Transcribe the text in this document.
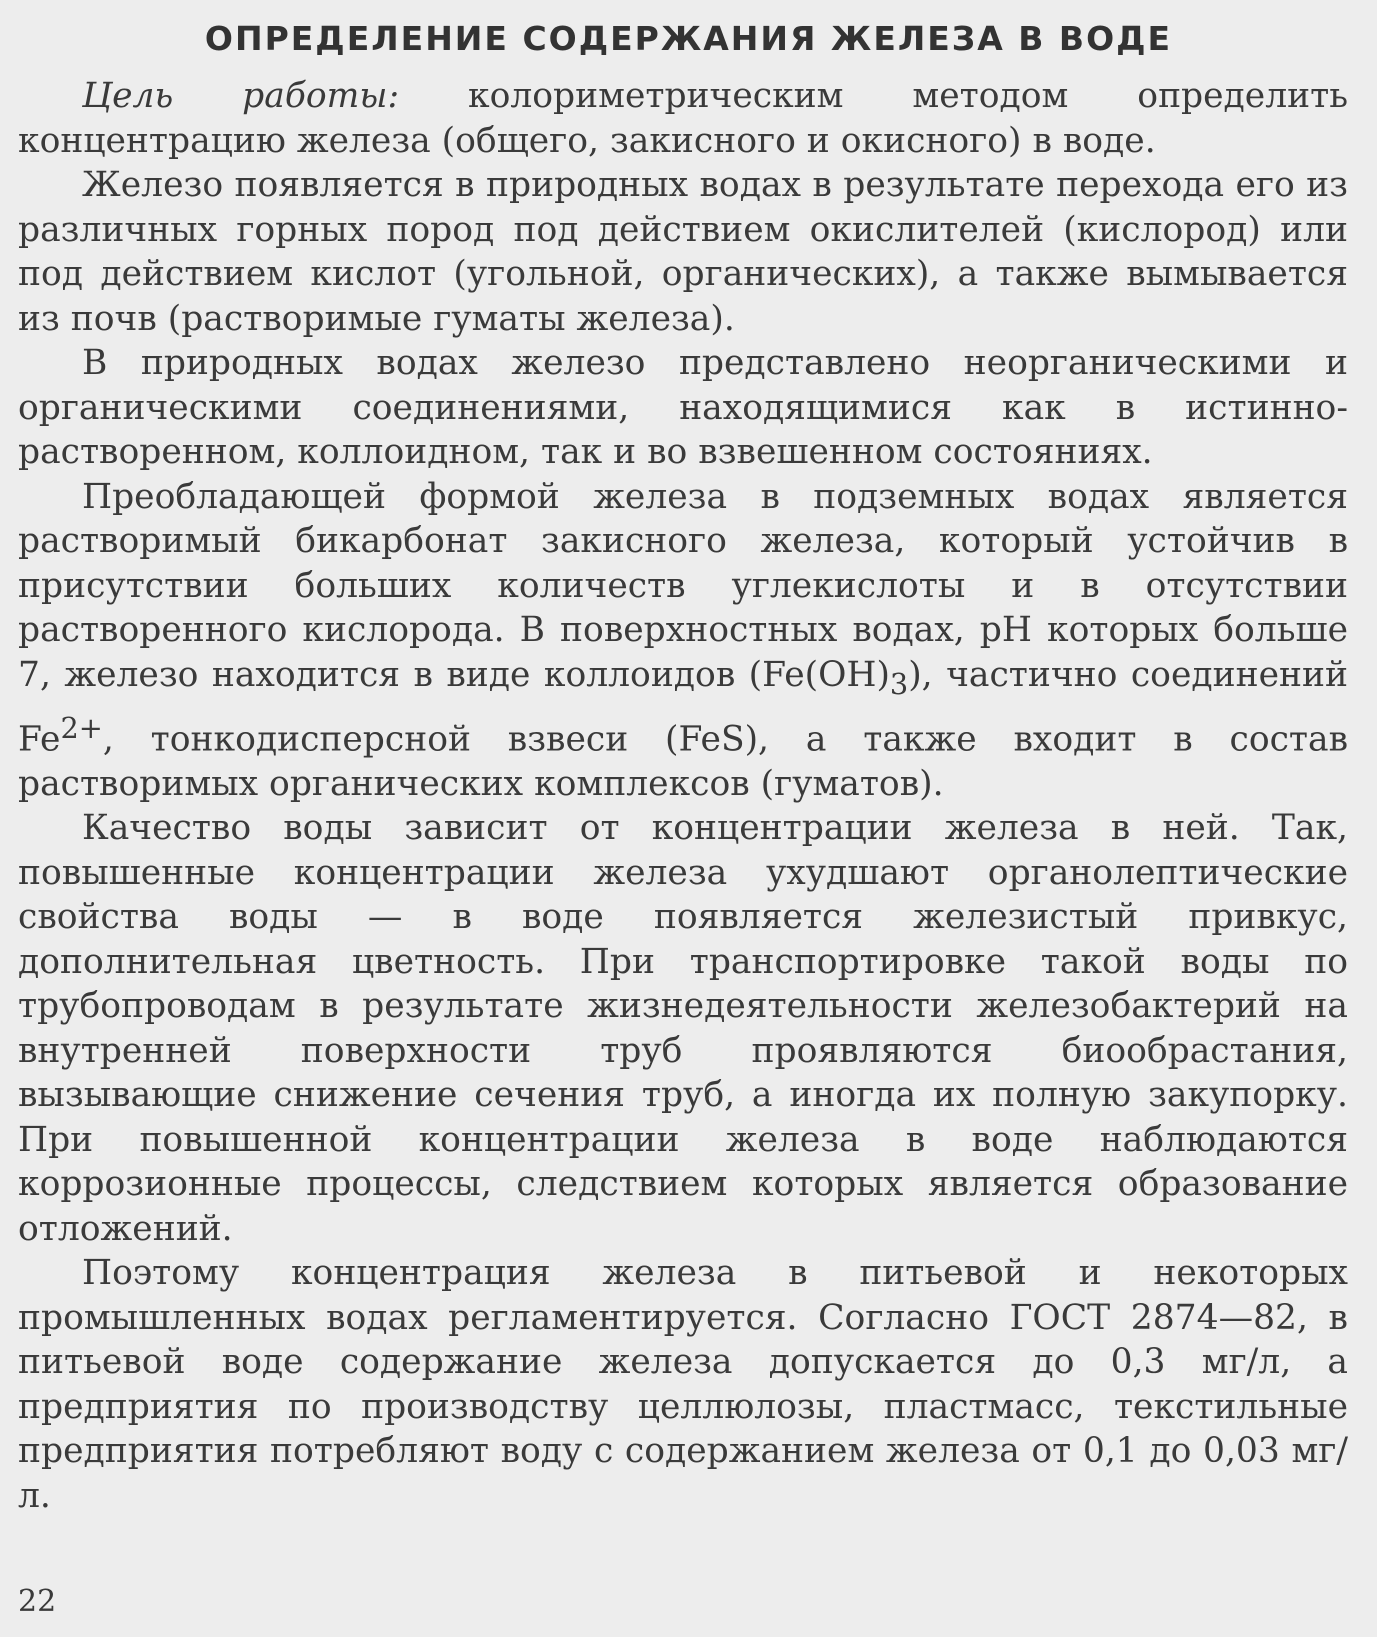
ОПРЕДЕЛЕНИЕ СОДЕРЖАНИЯ ЖЕЛЕЗА В ВОДЕ

Цель работы: колориметрическим методом определить концентрацию железа (общего, закисного и окисного) в воде.

Железо появляется в природных водах в результате перехода его из различных горных пород под действием окислителей (кислород) или под действием кислот (угольной, органических), а также вымывается из почв (растворимые гуматы железа).

В природных водах железо представлено неорганическими и органическими соединениями, находящимися как в истинно-растворенном, коллоидном, так и во взвешенном состояниях.

Преобладающей формой железа в подземных водах является растворимый бикарбонат закисного железа, который устойчив в присутствии больших количеств углекислоты и в отсутствии растворенного кислорода. В поверхностных водах, pH которых больше 7, железо находится в виде коллоидов $(Fe(OH)_3)$, частично соединений $Fe^{2+}$, тонкодисперсной взвеси (FeS), а также входит в состав растворимых органических комплексов (гуматов).

Качество воды зависит от концентрации железа в ней. Так, повышенные концентрации железа ухудшают органолептические свойства воды — в воде появляется железистый привкус, дополнительная цветность. При транспортировке такой воды по трубопроводам в результате жизнедеятельности железобактерий на внутренней поверхности труб проявляются биообрастания, вызывающие снижение сечения труб, а иногда их полную закупорку. При повышенной концентрации железа в воде наблюдаются коррозионные процессы, следствием которых является образование отложений.

Поэтому концентрация железа в питьевой и некоторых промышленных водах регламентируется. Согласно ГОСТ 2874—82, в питьевой воде содержание железа допускается до 0,3 мг/л, а предприятия по производству целлюлозы, пластмасс, текстильные предприятия потребляют воду с содержанием железа от 0,1 до 0,03 мг/л.

22
